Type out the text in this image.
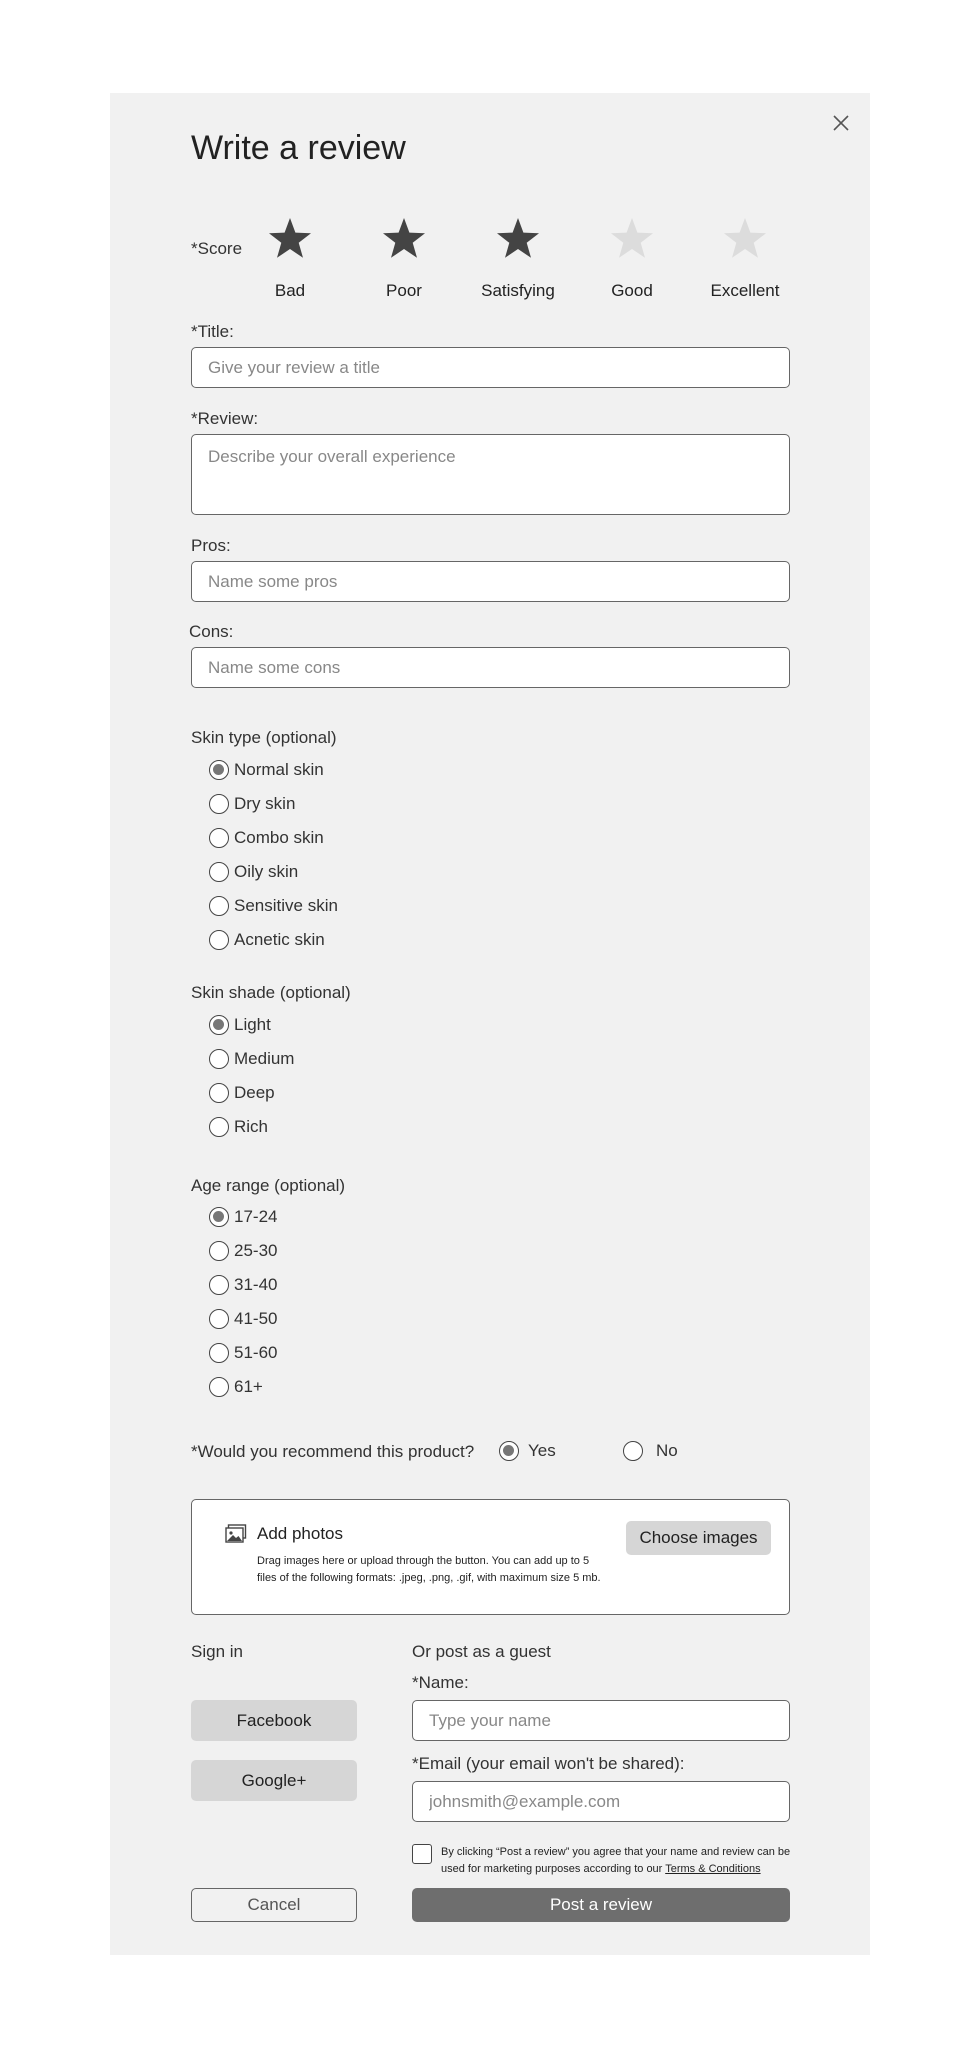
Write a review
*Score
Bad	Poor	Satisfying	Good	Excellent
*Title:
Give your review a title
*Review:
Describe your overall experience
Pros:
Name some pros
Cons:
Name some cons
Skin type (optional)
Normal skin
Dry skin
Combo skin
Oily skin
Sensitive skin
Acnetic skin
Skin shade (optional)
Light
Medium
Deep
Rich
Age range (optional)
17-24
25-30
31-40
41-50
51-60
61+
*Would you recommend this product?	Yes	No
Add photos
Drag images here or upload through the button. You can add up to 5
files of the following formats: .jpeg, .png, .gif, with maximum size 5 mb.
Choose images
Sign in
Facebook
Google+
Or post as a guest
*Name:
Type your name
*Email (your email won't be shared):
johnsmith@example.com
By clicking “Post a review” you agree that your name and review can be
used for marketing purposes according to our Terms & Conditions
Cancel	Post a review
